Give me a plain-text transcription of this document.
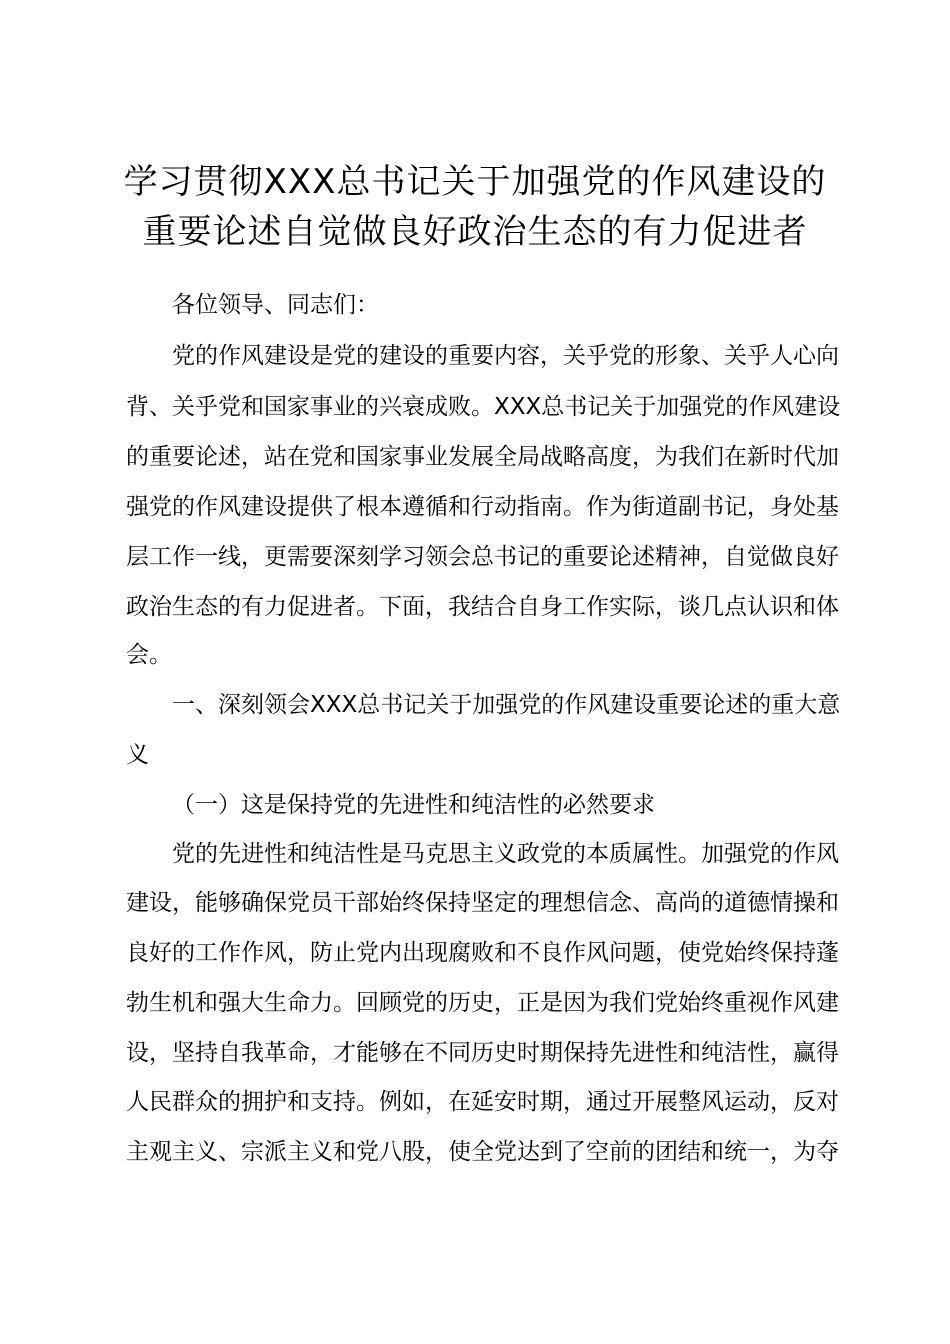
学习贯彻XXX总书记关于加强党的作风建设的
重要论述自觉做良好政治生态的有力促进者
各位领导、同志们：
党的作风建设是党的建设的重要内容，关乎党的形象、关乎人心向
背、关乎党和国家事业的兴衰成败。XXX总书记关于加强党的作风建设
的重要论述，站在党和国家事业发展全局战略高度，为我们在新时代加
强党的作风建设提供了根本遵循和行动指南。作为街道副书记，身处基
层工作一线，更需要深刻学习领会总书记的重要论述精神，自觉做良好
政治生态的有力促进者。下面，我结合自身工作实际，谈几点认识和体
会。
一、深刻领会XXX总书记关于加强党的作风建设重要论述的重大意
义
（一）这是保持党的先进性和纯洁性的必然要求
党的先进性和纯洁性是马克思主义政党的本质属性。加强党的作风
建设，能够确保党员干部始终保持坚定的理想信念、高尚的道德情操和
良好的工作作风，防止党内出现腐败和不良作风问题，使党始终保持蓬
勃生机和强大生命力。回顾党的历史，正是因为我们党始终重视作风建
设，坚持自我革命，才能够在不同历史时期保持先进性和纯洁性，赢得
人民群众的拥护和支持。例如，在延安时期，通过开展整风运动，反对
主观主义、宗派主义和党八股，使全党达到了空前的团结和统一，为夺
